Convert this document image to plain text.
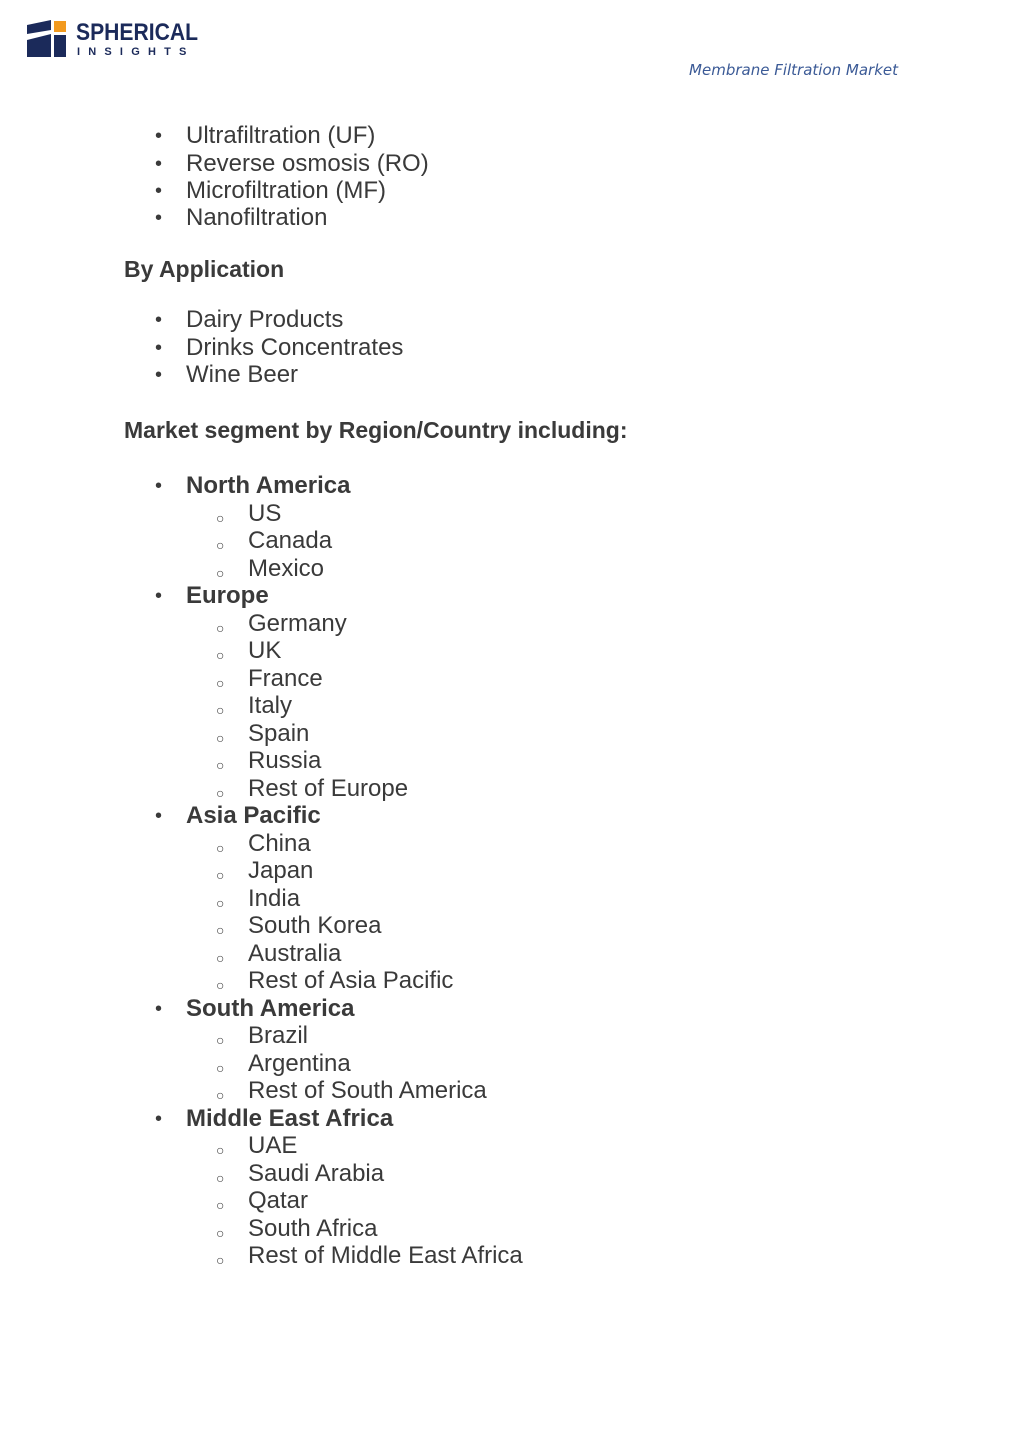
SPHERICAL
INSIGHTS
Membrane Filtration Market
• Ultrafiltration (UF)
• Reverse osmosis (RO)
• Microfiltration (MF)
• Nanofiltration
By Application
• Dairy Products
• Drinks Concentrates
• Wine Beer
Market segment by Region/Country including:
• North America
○ US
○ Canada
○ Mexico
• Europe
○ Germany
○ UK
○ France
○ Italy
○ Spain
○ Russia
○ Rest of Europe
• Asia Pacific
○ China
○ Japan
○ India
○ South Korea
○ Australia
○ Rest of Asia Pacific
• South America
○ Brazil
○ Argentina
○ Rest of South America
• Middle East Africa
○ UAE
○ Saudi Arabia
○ Qatar
○ South Africa
○ Rest of Middle East Africa
